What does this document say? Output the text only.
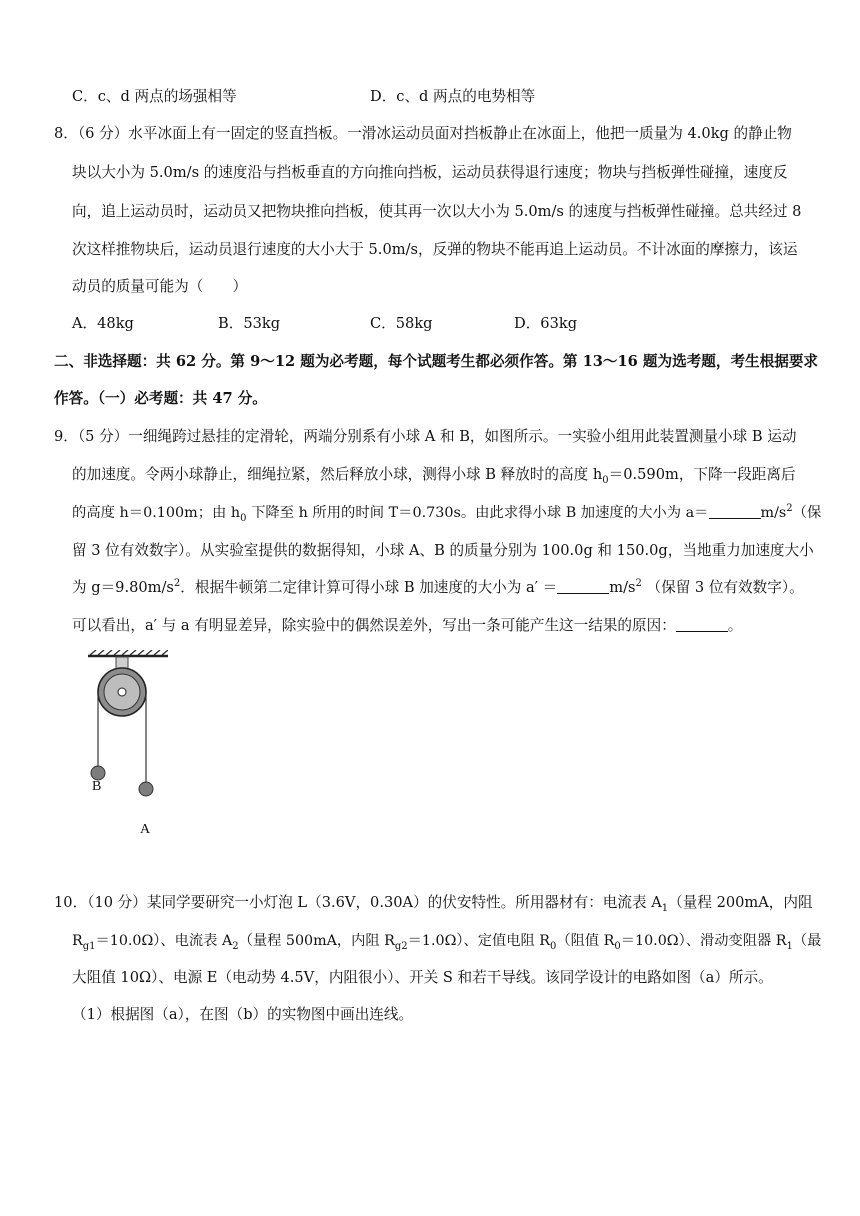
C．c、d 两点的场强相等	D．c、d 两点的电势相等
8．（6 分）水平冰面上有一固定的竖直挡板。一滑冰运动员面对挡板静止在冰面上，他把一质量为 4.0kg 的静止物
块以大小为 5.0m/s 的速度沿与挡板垂直的方向推向挡板，运动员获得退行速度；物块与挡板弹性碰撞，速度反
向，追上运动员时，运动员又把物块推向挡板，使其再一次以大小为 5.0m/s 的速度与挡板弹性碰撞。总共经过 8
次这样推物块后，运动员退行速度的大小大于 5.0m/s，反弹的物块不能再追上运动员。不计冰面的摩擦力，该运
动员的质量可能为（　　）
A．48kg	B．53kg	C．58kg	D．63kg
二、非选择题：共 62 分。第 9～12 题为必考题，每个试题考生都必须作答。第 13～16 题为选考题，考生根据要求
作答。（一）必考题：共 47 分。
9．（5 分）一细绳跨过悬挂的定滑轮，两端分别系有小球 A 和 B，如图所示。一实验小组用此装置测量小球 B 运动
的加速度。令两小球静止，细绳拉紧，然后释放小球，测得小球 B 释放时的高度 $h_0=0.590m$，下降一段距离后
的高度 h＝0.100m；由 $h_0$ 下降至 h 所用的时间 T＝0.730s。由此求得小球 B 加速度的大小为 a＝	$m/s^2$（保
留 3 位有效数字）。从实验室提供的数据得知，小球 A、B 的质量分别为 100.0g 和 150.0g，当地重力加速度大小
为 $g=9.80m/s^2$．根据牛顿第二定律计算可得小球 B 加速度的大小为 a′ ＝	$m/s^2$ （保留 3 位有效数字）。
可以看出，a′ 与 a 有明显差异，除实验中的偶然误差外，写出一条可能产生这一结果的原因：	。
B
A
10．（10 分）某同学要研究一小灯泡 L（3.6V，0.30A）的伏安特性。所用器材有：电流表 $A_1$（量程 200mA，内阻
$R_{g1}=10.0\Omega$）、电流表 $A_2$（量程 500mA，内阻 $R_{g2}=1.0\Omega$）、定值电阻 $R_0$（阻值 $R_0=10.0\Omega$）、滑动变阻器 $R_1$（最
大阻值 10Ω）、电源 E（电动势 4.5V，内阻很小）、开关 S 和若干导线。该同学设计的电路如图（a）所示。
（1）根据图（a），在图（b）的实物图中画出连线。
